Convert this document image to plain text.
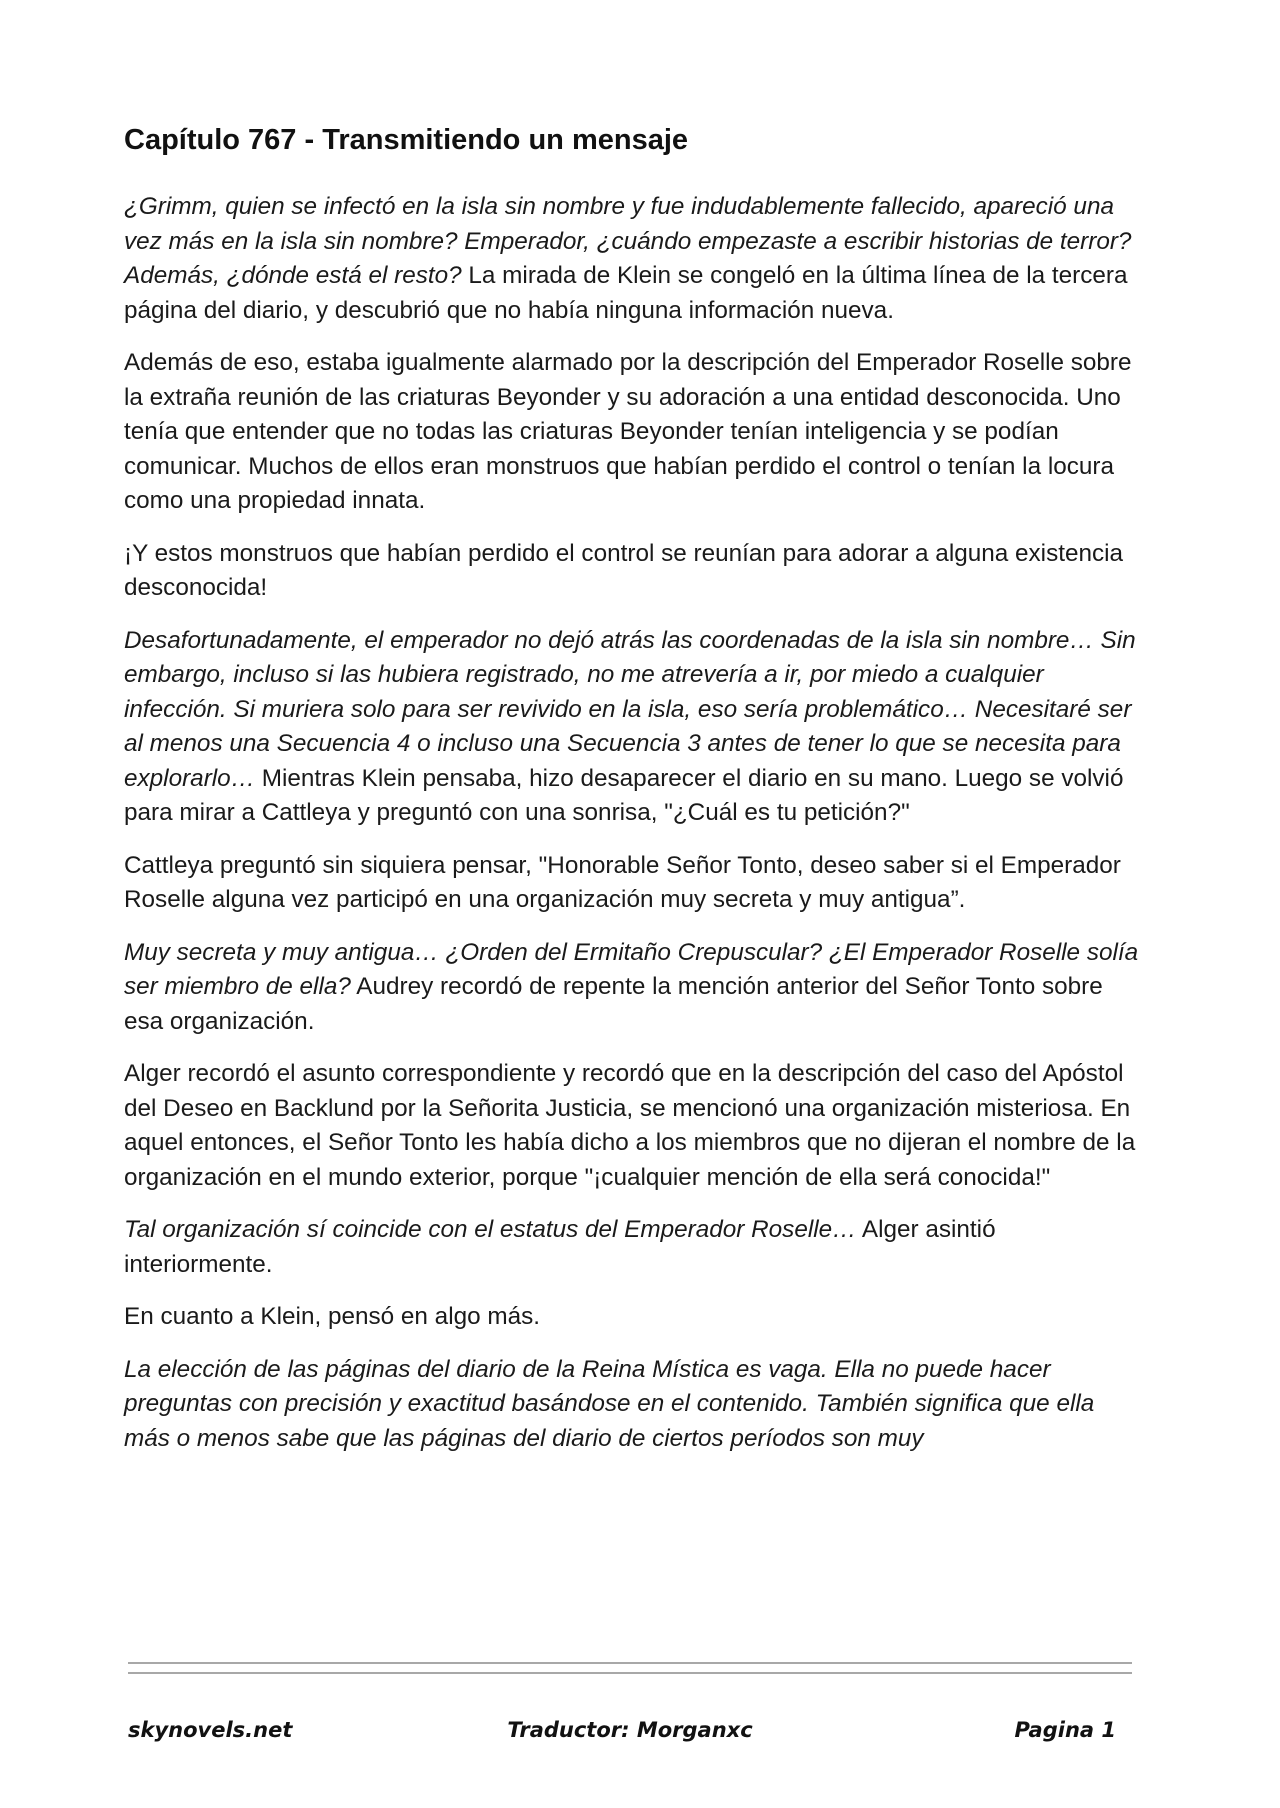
Capítulo 767 - Transmitiendo un mensaje

¿Grimm, quien se infectó en la isla sin nombre y fue indudablemente fallecido, apareció una vez más en la isla sin nombre? Emperador, ¿cuándo empezaste a escribir historias de terror? Además, ¿dónde está el resto? La mirada de Klein se congeló en la última línea de la tercera página del diario, y descubrió que no había ninguna información nueva.

Además de eso, estaba igualmente alarmado por la descripción del Emperador Roselle sobre la extraña reunión de las criaturas Beyonder y su adoración a una entidad desconocida. Uno tenía que entender que no todas las criaturas Beyonder tenían inteligencia y se podían comunicar. Muchos de ellos eran monstruos que habían perdido el control o tenían la locura como una propiedad innata.

¡Y estos monstruos que habían perdido el control se reunían para adorar a alguna existencia desconocida!

Desafortunadamente, el emperador no dejó atrás las coordenadas de la isla sin nombre… Sin embargo, incluso si las hubiera registrado, no me atrevería a ir, por miedo a cualquier infección. Si muriera solo para ser revivido en la isla, eso sería problemático… Necesitaré ser al menos una Secuencia 4 o incluso una Secuencia 3 antes de tener lo que se necesita para explorarlo… Mientras Klein pensaba, hizo desaparecer el diario en su mano. Luego se volvió para mirar a Cattleya y preguntó con una sonrisa, "¿Cuál es tu petición?"

Cattleya preguntó sin siquiera pensar, "Honorable Señor Tonto, deseo saber si el Emperador Roselle alguna vez participó en una organización muy secreta y muy antigua”.

Muy secreta y muy antigua… ¿Orden del Ermitaño Crepuscular? ¿El Emperador Roselle solía ser miembro de ella? Audrey recordó de repente la mención anterior del Señor Tonto sobre esa organización.

Alger recordó el asunto correspondiente y recordó que en la descripción del caso del Apóstol del Deseo en Backlund por la Señorita Justicia, se mencionó una organización misteriosa. En aquel entonces, el Señor Tonto les había dicho a los miembros que no dijeran el nombre de la organización en el mundo exterior, porque "¡cualquier mención de ella será conocida!"

Tal organización sí coincide con el estatus del Emperador Roselle… Alger asintió interiormente.

En cuanto a Klein, pensó en algo más.

La elección de las páginas del diario de la Reina Mística es vaga. Ella no puede hacer preguntas con precisión y exactitud basándose en el contenido. También significa que ella más o menos sabe que las páginas del diario de ciertos períodos son muy

skynovels.net	Traductor: Morganxc	Pagina 1
